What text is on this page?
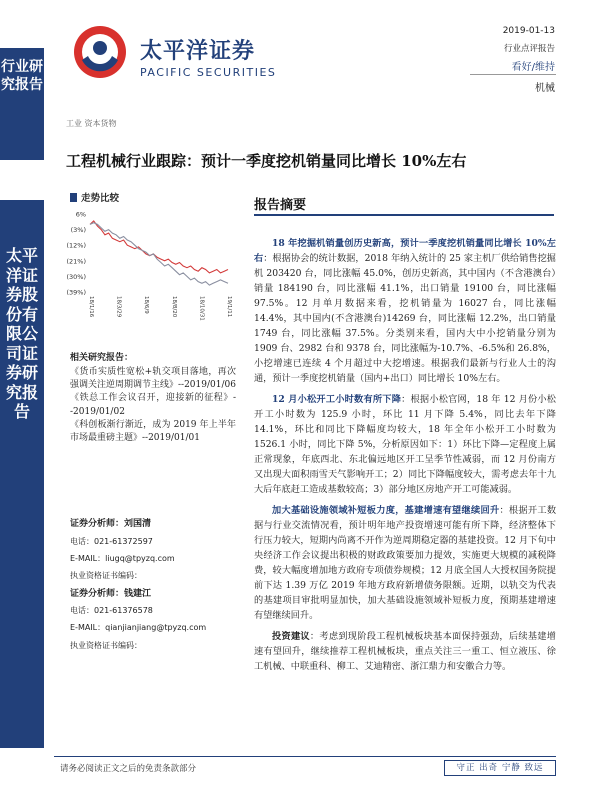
行业研究报告
太平洋证券股份有限公司证券研究报告
太平洋证券
PACIFIC SECURITIES
2019-01-13
行业点评报告
看好/维持
机械
工业 资本货物
工程机械行业跟踪：预计一季度挖机销量同比增长 10%左右
走势比较
6%
(3%)
(12%)
(21%)
(30%)
(39%)
18/1/16	18/3/29	18/6/9	18/8/20	18/10/31	19/1/11
相关研究报告：
《货币实质性宽松+轨交项目落地，再次强调关注逆周期调节主线》--2019/01/06
《铁总工作会议召开，迎接新的征程》--2019/01/02
《科创板渐行渐近，成为 2019 年上半年市场最重磅主题》--2019/01/01
证券分析师：刘国清
电话：021-61372597
E-MAIL：liugq@tpyzq.com
执业资格证书编码：
证券分析师：钱建江
电话：021-61376578
E-MAIL：qianjianjiang@tpyzq.com
执业资格证书编码：
报告摘要

18 年挖掘机销量创历史新高，预计一季度挖机销量同比增长 10%左右：根据协会的统计数据，2018 年纳入统计的 25 家主机厂供给销售挖掘机 203420 台，同比涨幅 45.0%，创历史新高，其中国内（不含港澳台）销量 184190 台，同比涨幅 41.1%，出口销量 19100 台，同比涨幅 97.5%。12 月单月数据来看，挖机销量为 16027 台，同比涨幅 14.4%，其中国内(不含港澳台)14269 台，同比涨幅 12.2%，出口销量 1749 台，同比涨幅 37.5%。分类别来看，国内大中小挖销量分别为 1909 台、2982 台和 9378 台，同比涨幅为-10.7%、-6.5%和 26.8%，小挖增速已连续 4 个月超过中大挖增速。根据我们最新与行业人士的沟通，预计一季度挖机销量（国内+出口）同比增长 10%左右。

12 月小松开工小时数有所下降：根据小松官网，18 年 12 月份小松开工小时数为 125.9 小时，环比 11 月下降 5.4%，同比去年下降 14.1%，环比和同比下降幅度均较大，18 年全年小松开工小时数为 1526.1 小时，同比下降 5%，分析原因如下：1）环比下降—定程度上属正常现象，年底西北、东北偏远地区开工呈季节性减弱，而 12 月份南方又出现大面积雨雪天气影响开工；2）同比下降幅度较大，需考虑去年十九大后年底赶工造成基数较高；3）部分地区房地产开工可能减弱。

加大基础设施领域补短板力度，基建增速有望继续回升：根据开工数据与行业交流情况看，预计明年地产投资增速可能有所下降，经济整体下行压力较大，短期内尚离不开作为逆周期稳定器的基建投资。12 月下旬中央经济工作会议提出积极的财政政策要加力提效，实施更大规模的减税降费，较大幅度增加地方政府专项债券规模；12 月底全国人大授权国务院提前下达 1.39 万亿 2019 年地方政府新增债务限额。近期，以轨交为代表的基建项目审批明显加快，加大基础设施领域补短板力度，预期基建增速有望继续回升。

投资建议：考虑到现阶段工程机械板块基本面保持强劲，后续基建增速有望回升，继续推荐工程机械板块，重点关注三一重工、恒立液压、徐工机械、中联重科、柳工、艾迪精密、浙江鼎力和安徽合力等。

请务必阅读正文之后的免责条款部分	守正 出奇 宁静 致远
